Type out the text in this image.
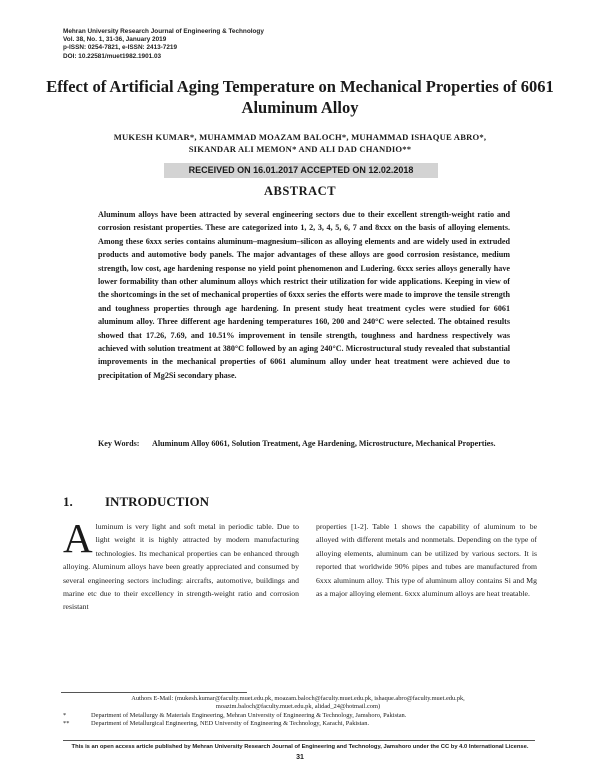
Mehran University Research Journal of Engineering & Technology
Vol. 38, No. 1, 31-36, January 2019
p-ISSN: 0254-7821, e-ISSN: 2413-7219
DOI: 10.22581/muet1982.1901.03
Effect of Artificial Aging Temperature on Mechanical Properties of 6061 Aluminum Alloy
MUKESH KUMAR*, MUHAMMAD MOAZAM BALOCH*, MUHAMMAD ISHAQUE ABRO*,
SIKANDAR ALI MEMON* AND ALI DAD CHANDIO**
RECEIVED ON 16.01.2017 ACCEPTED ON 12.02.2018
ABSTRACT
Aluminum alloys have been attracted by several engineering sectors due to their excellent strength-weight ratio and corrosion resistant properties. These are categorized into 1, 2, 3, 4, 5, 6, 7 and 8xxx on the basis of alloying elements. Among these 6xxx series contains aluminum–magnesium–silicon as alloying elements and are widely used in extruded products and automotive body panels. The major advantages of these alloys are good corrosion resistance, medium strength, low cost, age hardening response no yield point phenomenon and Ludering. 6xxx series alloys generally have lower formability than other aluminum alloys which restrict their utilization for wide applications. Keeping in view of the shortcomings in the set of mechanical properties of 6xxx series the efforts were made to improve the tensile strength and toughness properties through age hardening. In present study heat treatment cycles were studied for 6061 aluminum alloy. Three different age hardening temperatures 160, 200 and 240°C were selected. The obtained results showed that 17.26, 7.69, and 10.51% improvement in tensile strength, toughness and hardness respectively was achieved with solution treatment at 380°C followed by an aging 240°C. Microstructural study revealed that substantial improvements in the mechanical properties of 6061 aluminum alloy under heat treatment were achieved due to precipitation of Mg2Si secondary phase.
Key Words: Aluminum Alloy 6061, Solution Treatment, Age Hardening, Microstructure, Mechanical Properties.
1. INTRODUCTION
Aluminum is very light and soft metal in periodic table. Due to light weight it is highly attracted by modern manufacturing technologies. Its mechanical properties can be enhanced through alloying. Aluminum alloys have been greatly appreciated and consumed by several engineering sectors including: aircrafts, automotive, buildings and marine etc due to their excellency in strength-weight ratio and corrosion resistant
properties [1-2]. Table 1 shows the capability of aluminum to be alloyed with different metals and nonmetals. Depending on the type of alloying elements, aluminum can be utilized by various sectors. It is reported that worldwide 90% pipes and tubes are manufactured from 6xxx aluminum alloy. This type of aluminum alloy contains Si and Mg as a major alloying element. 6xxx aluminum alloys are heat treatable.
Authors E-Mail: (mukesh.kumar@faculty.muet.edu.pk, moazam.baloch@faculty.muet.edu.pk, ishaque.abro@faculty.muet.edu.pk,
moazim.baloch@faculty.muet.edu.pk, alidad_24@hotmail.com)
*	Department of Metallurgy & Materials Engineering, Mehran University of Engineering & Technology, Jamshoro, Pakistan.
**	Department of Metallurgical Engineering, NED University of Engineering & Technology, Karachi, Pakistan.
This is an open access article published by Mehran University Research Journal of Engineering and Technology, Jamshoro under the CC by 4.0 International License.
31
